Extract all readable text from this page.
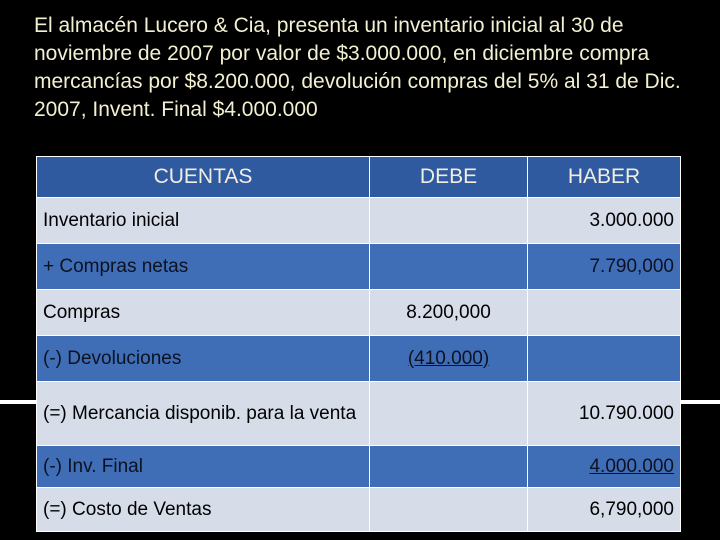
El almacén Lucero & Cia, presenta un inventario inicial al 30 de noviembre de 2007 por valor de $3.000.000, en diciembre compra mercancías por $8.200.000, devolución compras del 5% al 31 de Dic. 2007, Invent. Final $4.000.000
CUENTAS	DEBE	HABER
Inventario inicial		3.000.000
+ Compras netas		7.790,000
Compras	8.200,000	
(-) Devoluciones	(410.000)	
(=) Mercancia disponib. para la venta		10.790.000
(-) Inv. Final		4.000.000
(=) Costo de Ventas		6,790,000
